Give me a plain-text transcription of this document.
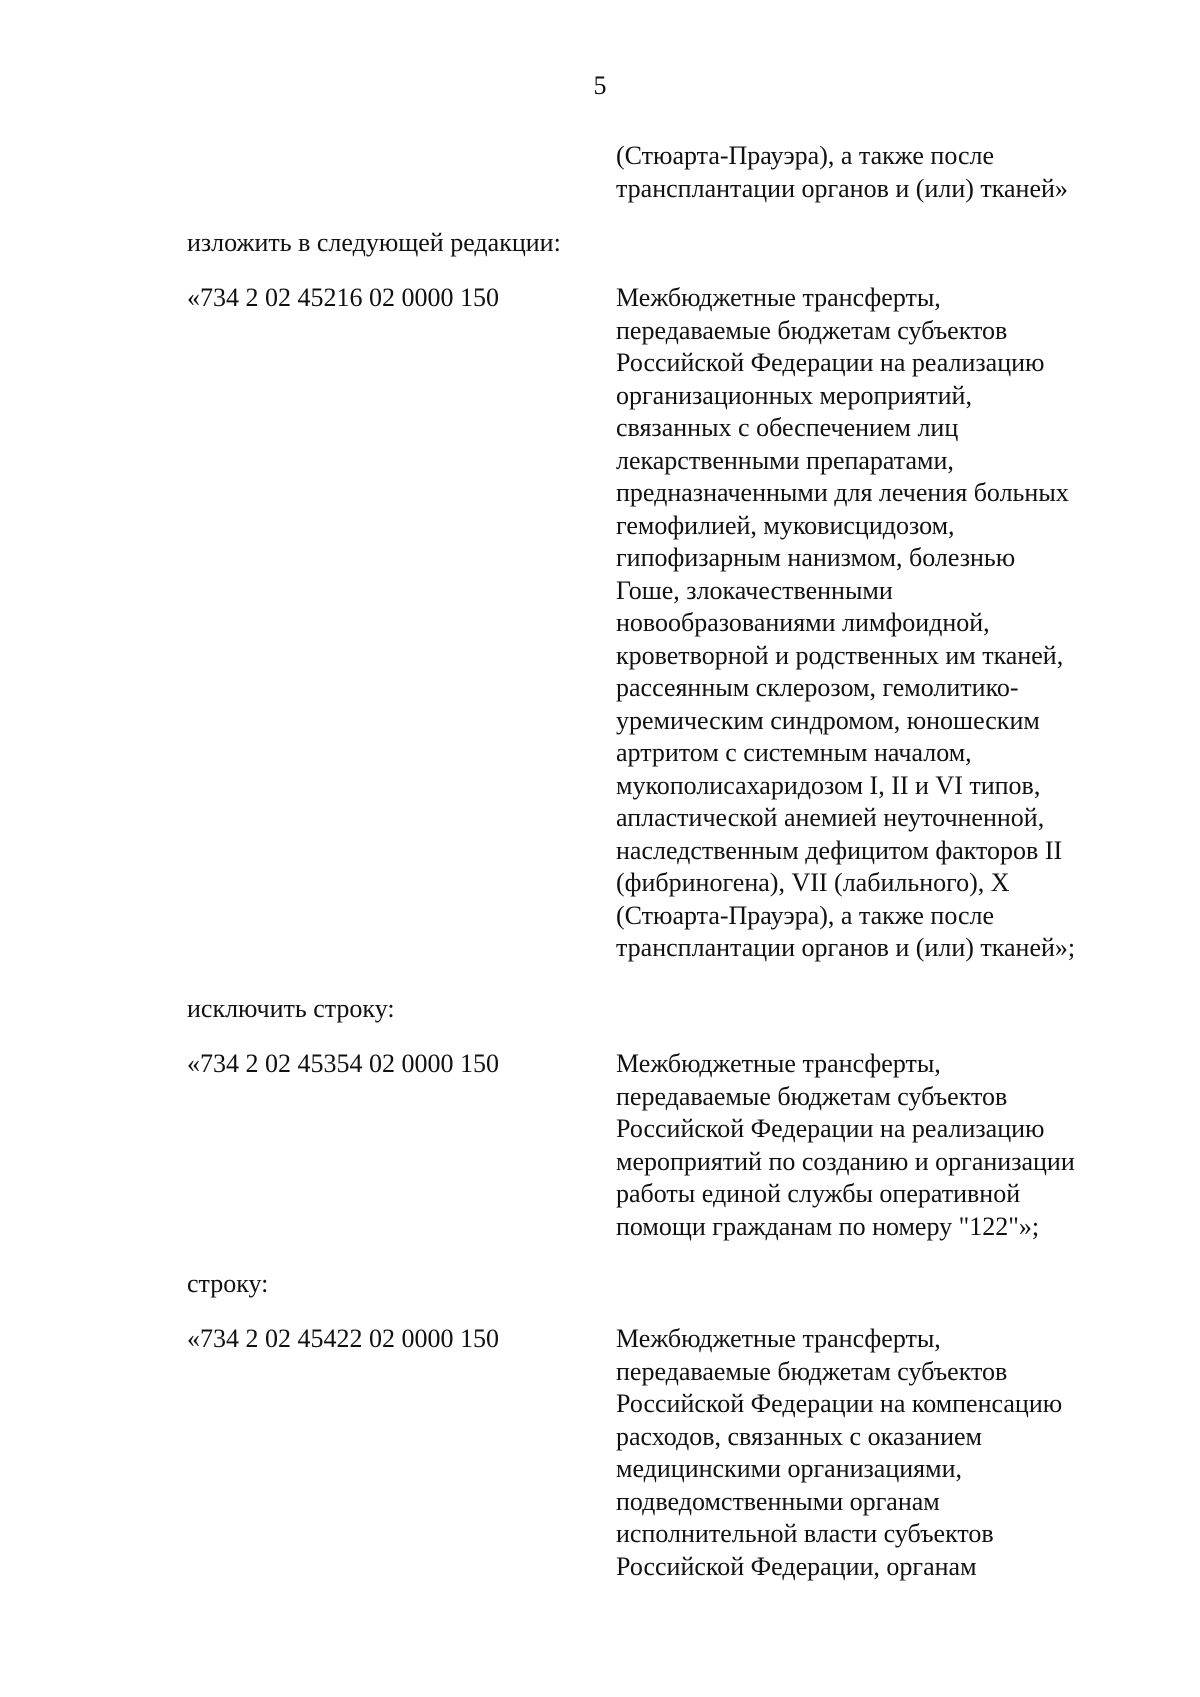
5
(Стюарта-Прауэра), а также после
трансплантации органов и (или) тканей»
изложить в следующей редакции:
«734 2 02 45216 02 0000 150	Межбюджетные трансферты,
передаваемые бюджетам субъектов
Российской Федерации на реализацию
организационных мероприятий,
связанных с обеспечением лиц
лекарственными препаратами,
предназначенными для лечения больных
гемофилией, муковисцидозом,
гипофизарным нанизмом, болезнью
Гоше, злокачественными
новообразованиями лимфоидной,
кроветворной и родственных им тканей,
рассеянным склерозом, гемолитико-
уремическим синдромом, юношеским
артритом с системным началом,
мукополисахаридозом I, II и VI типов,
апластической анемией неуточненной,
наследственным дефицитом факторов II
(фибриногена), VII (лабильного), X
(Стюарта-Прауэра), а также после
трансплантации органов и (или) тканей»;
исключить строку:
«734 2 02 45354 02 0000 150	Межбюджетные трансферты,
передаваемые бюджетам субъектов
Российской Федерации на реализацию
мероприятий по созданию и организации
работы единой службы оперативной
помощи гражданам по номеру "122"»;
строку:
«734 2 02 45422 02 0000 150	Межбюджетные трансферты,
передаваемые бюджетам субъектов
Российской Федерации на компенсацию
расходов, связанных с оказанием
медицинскими организациями,
подведомственными органам
исполнительной власти субъектов
Российской Федерации, органам
